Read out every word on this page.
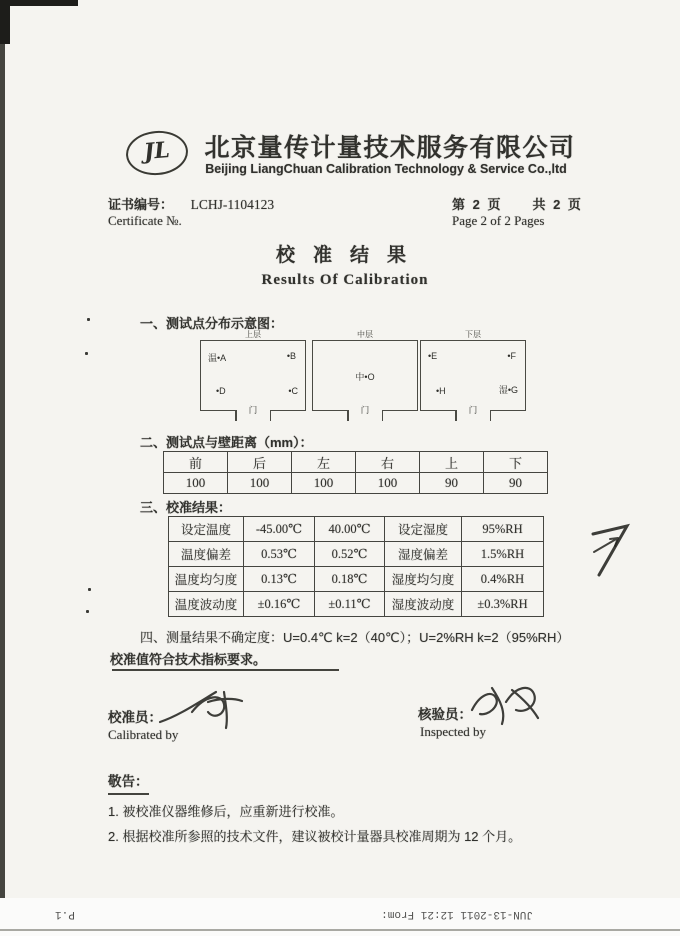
JL	北京量传计量技术服务有限公司
Beijing LiangChuan Calibration Technology & Service Co.,ltd
证书编号： LCHJ-1104123
Certificate №.
第 2 页　　共 2 页
Page 2 of 2 Pages
校准结果
Results Of Calibration
一、测试点分布示意图：
上层
温•A	•B
•D	•C
门
中层
中•O
门
下层
•E	•F
•H	湿•G
门
二、测试点与壁距离（mm）：
前	后	左	右	上	下
100	100	100	100	90	90
三、校准结果：
设定温度	-45.00℃	40.00℃	设定湿度	95%RH
温度偏差	0.53℃	0.52℃	湿度偏差	1.5%RH
温度均匀度	0.13℃	0.18℃	湿度均匀度	0.4%RH
温度波动度	±0.16℃	±0.11℃	湿度波动度	±0.3%RH
四、测量结果不确定度：U=0.4℃ k=2（40℃）；U=2%RH k=2（95%RH）
校准值符合技术指标要求。
校准员：
Calibrated by
核验员：
Inspected by
敬告：
1. 被校准仪器维修后，应重新进行校准。
2. 根据校准所参照的技术文件，建议被校计量器具校准周期为 12 个月。
JUN-13-2011 12:21 From:
P.1
